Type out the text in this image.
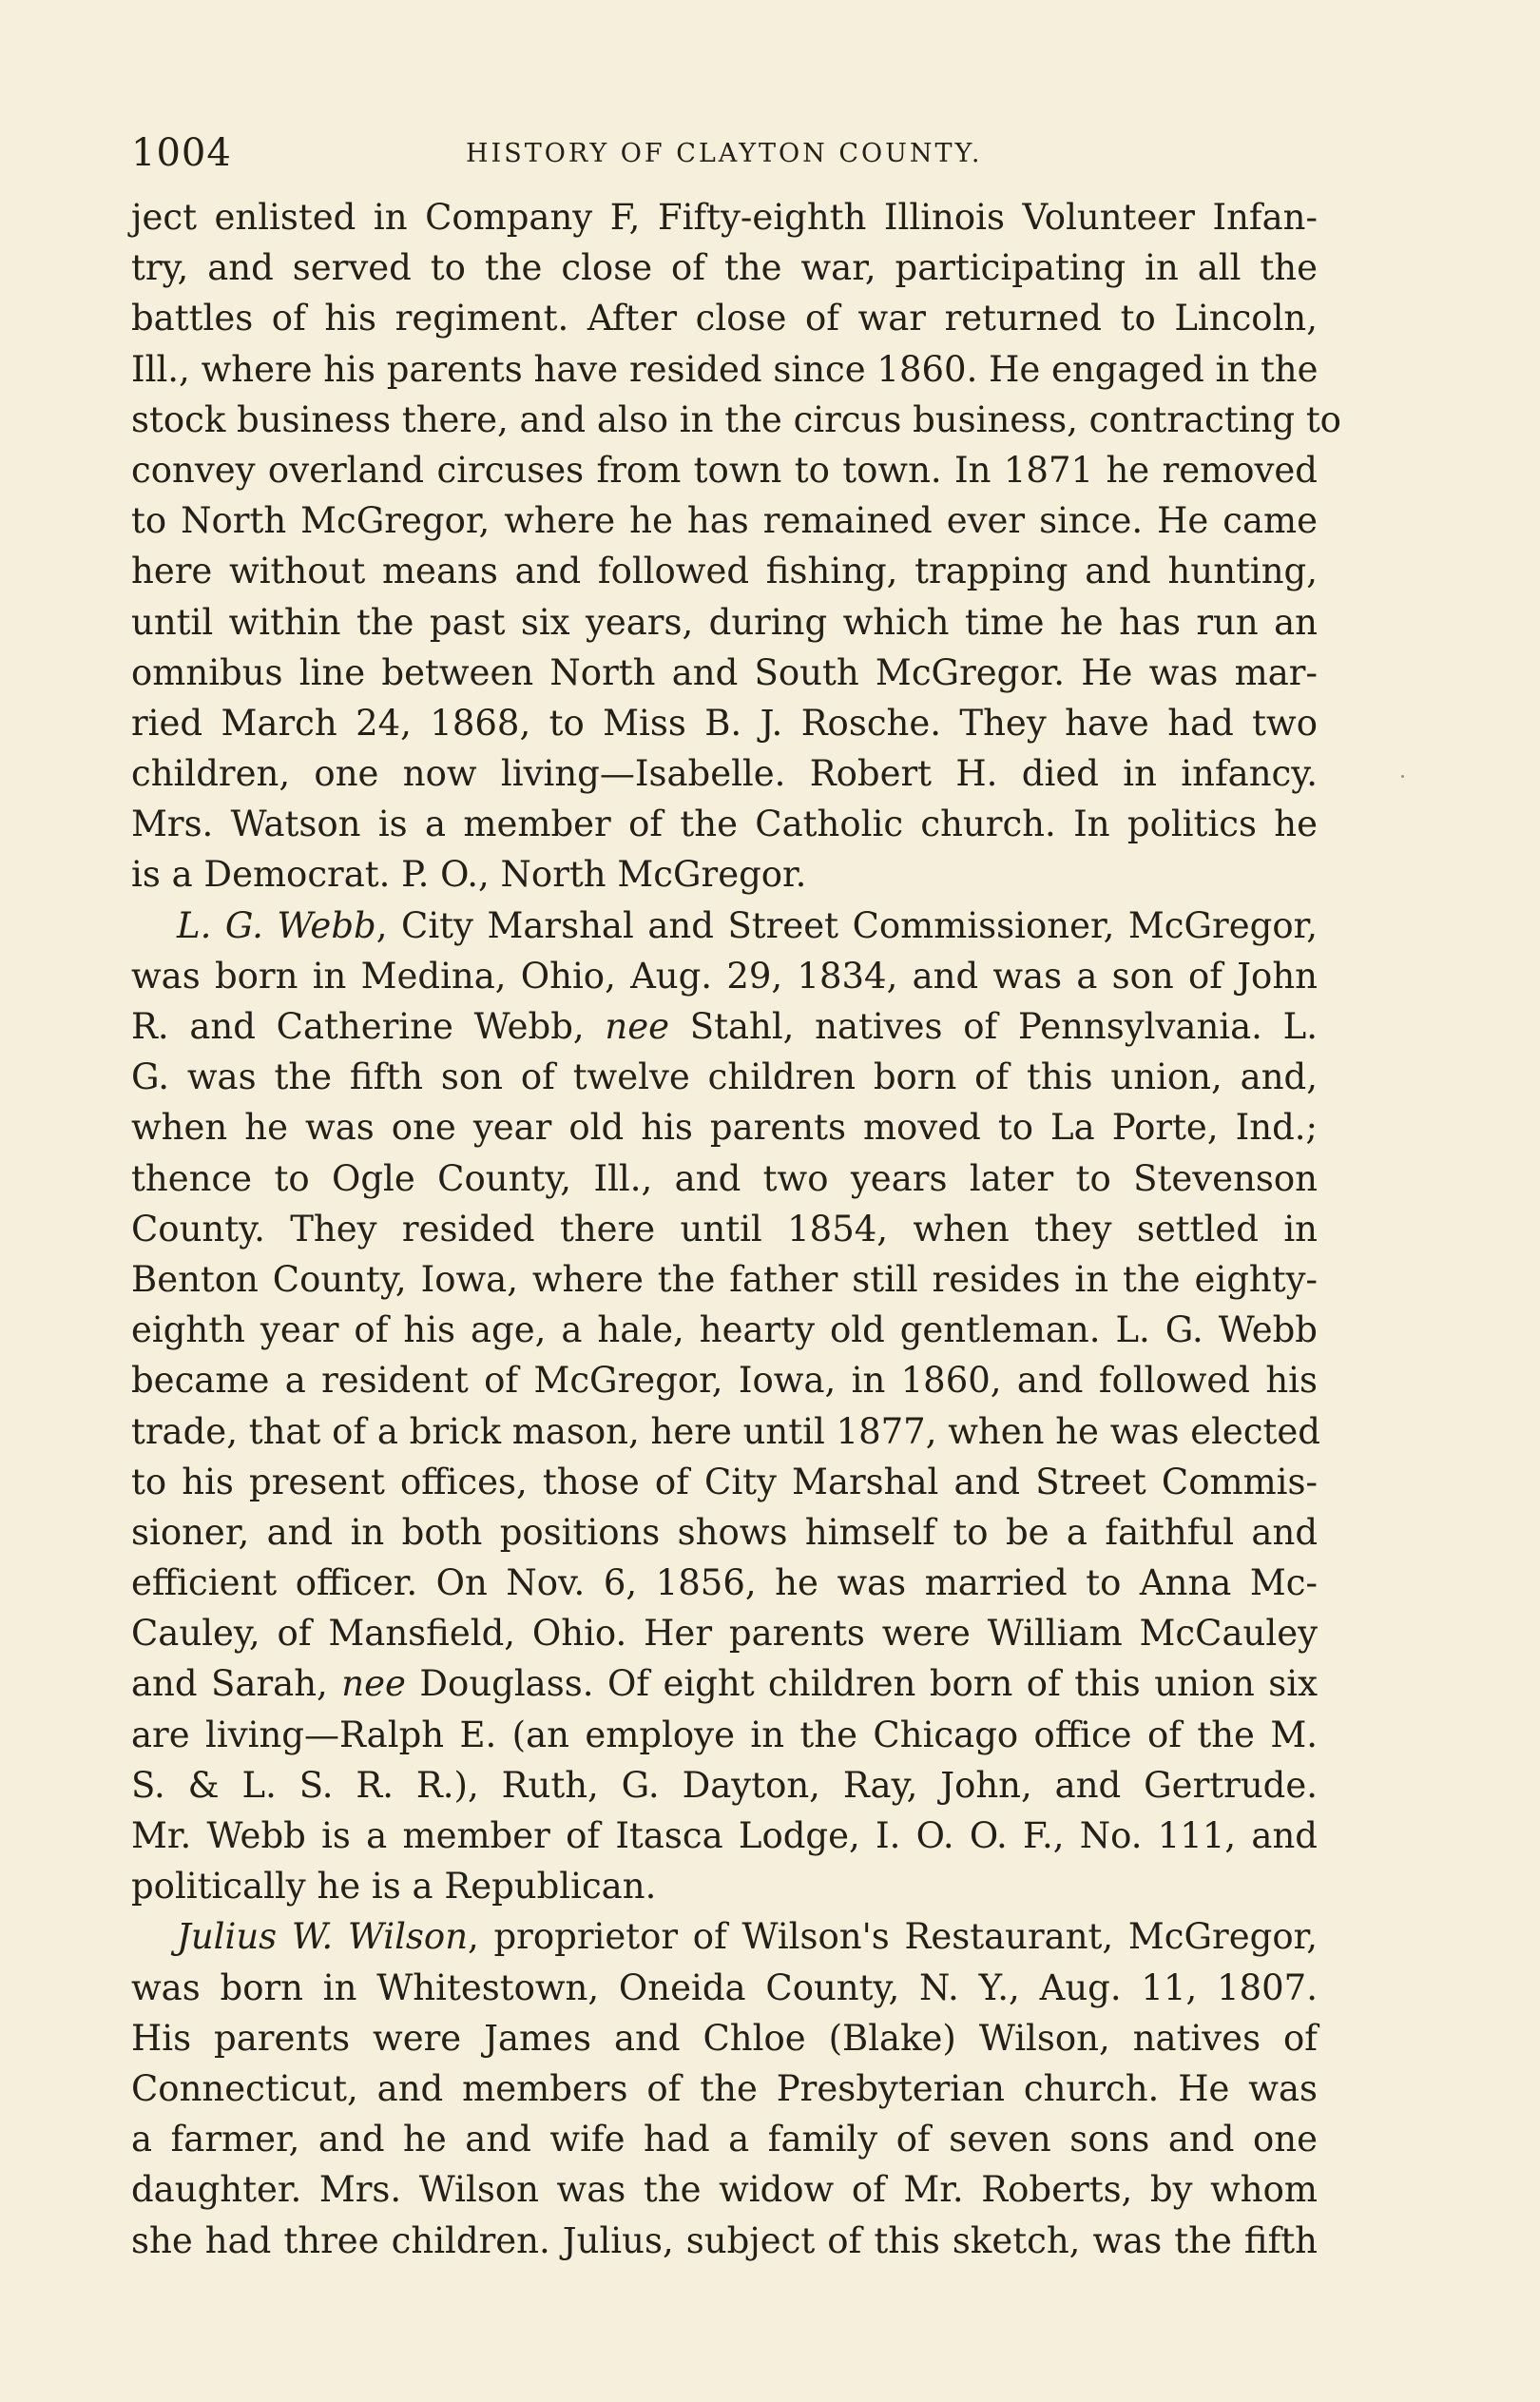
1004	HISTORY OF CLAYTON COUNTY.
ject enlisted in Company F, Fifty-eighth Illinois Volunteer Infan-
try, and served to the close of the war, participating in all the
battles of his regiment. After close of war returned to Lincoln,
Ill., where his parents have resided since 1860. He engaged in the
stock business there, and also in the circus business, contracting to
convey overland circuses from town to town. In 1871 he removed
to North McGregor, where he has remained ever since. He came
here without means and followed fishing, trapping and hunting,
until within the past six years, during which time he has run an
omnibus line between North and South McGregor. He was mar-
ried March 24, 1868, to Miss B. J. Rosche. They have had two
children, one now living—Isabelle. Robert H. died in infancy.
Mrs. Watson is a member of the Catholic church. In politics he
is a Democrat. P. O., North McGregor.
L. G. Webb, City Marshal and Street Commissioner, McGregor,
was born in Medina, Ohio, Aug. 29, 1834, and was a son of John
R. and Catherine Webb, nee Stahl, natives of Pennsylvania. L.
G. was the fifth son of twelve children born of this union, and,
when he was one year old his parents moved to La Porte, Ind.;
thence to Ogle County, Ill., and two years later to Stevenson
County. They resided there until 1854, when they settled in
Benton County, Iowa, where the father still resides in the eighty-
eighth year of his age, a hale, hearty old gentleman. L. G. Webb
became a resident of McGregor, Iowa, in 1860, and followed his
trade, that of a brick mason, here until 1877, when he was elected
to his present offices, those of City Marshal and Street Commis-
sioner, and in both positions shows himself to be a faithful and
efficient officer. On Nov. 6, 1856, he was married to Anna Mc-
Cauley, of Mansfield, Ohio. Her parents were William McCauley
and Sarah, nee Douglass. Of eight children born of this union six
are living—Ralph E. (an employe in the Chicago office of the M.
S. & L. S. R. R.), Ruth, G. Dayton, Ray, John, and Gertrude.
Mr. Webb is a member of Itasca Lodge, I. O. O. F., No. 111, and
politically he is a Republican.
Julius W. Wilson, proprietor of Wilson's Restaurant, McGregor,
was born in Whitestown, Oneida County, N. Y., Aug. 11, 1807.
His parents were James and Chloe (Blake) Wilson, natives of
Connecticut, and members of the Presbyterian church. He was
a farmer, and he and wife had a family of seven sons and one
daughter. Mrs. Wilson was the widow of Mr. Roberts, by whom
she had three children. Julius, subject of this sketch, was the fifth
